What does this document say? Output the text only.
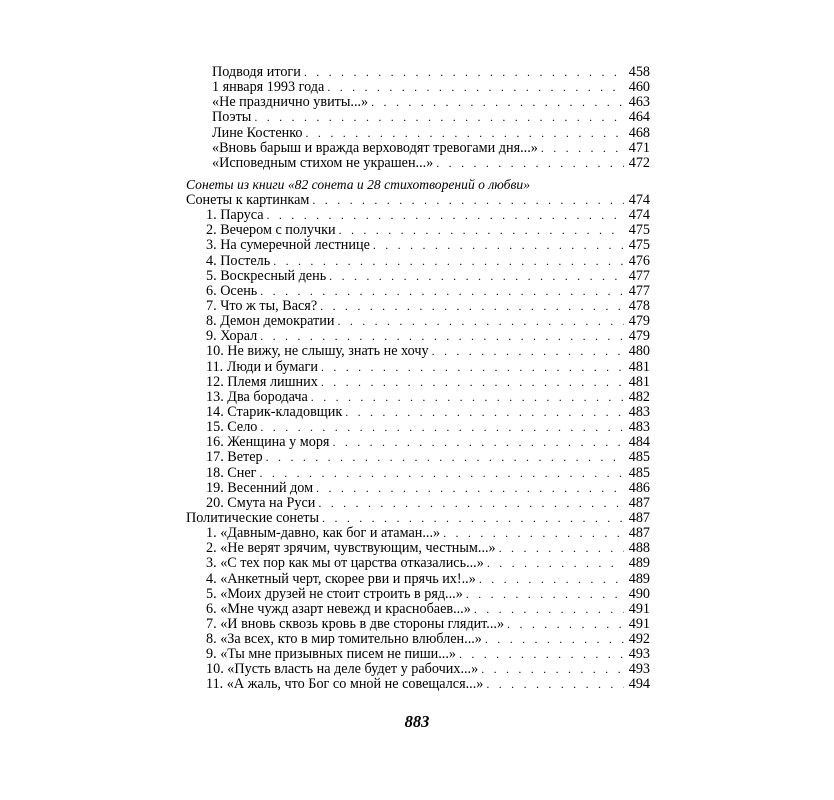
Подводя итоги . . .	458
1 января 1993 года . . .	460
«Не празднично увиты...» . . .	463
Поэты . . .	464
Лине Костенко . . .	468
«Вновь барыш и вражда верховодят тревогами дня...» . . .	471
«Исповедным стихом не украшен...» . . .	472
Сонеты из книги «82 сонета и 28 стихотворений о любви»
Сонеты к картинкам . . .	474
1. Паруса . . .	474
2. Вечером с получки . . .	475
3. На сумеречной лестнице . . .	475
4. Постель . . .	476
5. Воскресный день . . .	477
6. Осень . . .	477
7. Что ж ты, Вася? . . .	478
8. Демон демократии . . .	479
9. Хорал . . .	479
10. Не вижу, не слышу, знать не хочу . . .	480
11. Люди и бумаги . . .	481
12. Племя лишних . . .	481
13. Два бородача . . .	482
14. Старик-кладовщик . . .	483
15. Село . . .	483
16. Женщина у моря . . .	484
17. Ветер . . .	485
18. Снег . . .	485
19. Весенний дом . . .	486
20. Смута на Руси . . .	487
Политические сонеты . . .	487
1. «Давным-давно, как бог и атаман...» . . .	487
2. «Не верят зрячим, чувствующим, честным...» . . .	488
3. «С тех пор как мы от царства отказались...» . . .	489
4. «Анкетный черт, скорее рви и прячь их!..» . . .	489
5. «Моих друзей не стоит строить в ряд...» . . .	490
6. «Мне чужд азарт невежд и краснобаев...» . . .	491
7. «И вновь сквозь кровь в две стороны глядит...» . . .	491
8. «За всех, кто в мир томительно влюблен...» . . .	492
9. «Ты мне призывных писем не пиши...» . . .	493
10. «Пусть власть на деле будет у рабочих...» . . .	493
11. «А жаль, что Бог со мной не совещался...» . . .	494
883
